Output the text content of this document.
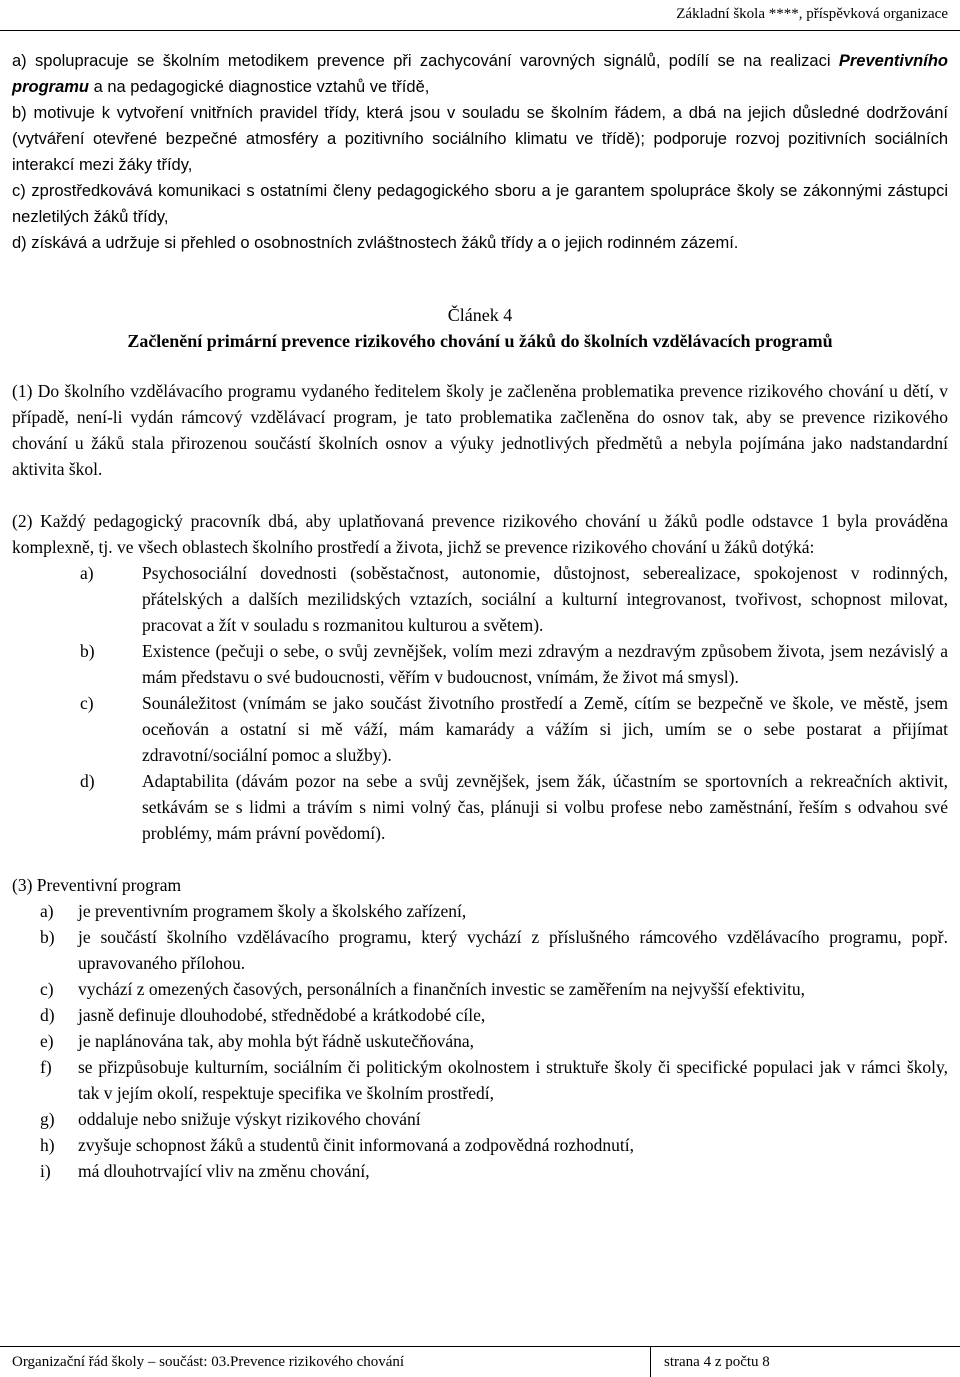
Základní škola ****, příspěvková organizace
a) spolupracuje se školním metodikem prevence při zachycování varovných signálů, podílí se na realizaci Preventivního programu a na pedagogické diagnostice vztahů ve třídě,
b) motivuje k vytvoření vnitřních pravidel třídy, která jsou v souladu se školním řádem, a dbá na jejich důsledné dodržování (vytváření otevřené bezpečné atmosféry a pozitivního sociálního klimatu ve třídě); podporuje rozvoj pozitivních sociálních interakcí mezi žáky třídy,
c) zprostředkovává komunikaci s ostatními členy pedagogického sboru a je garantem spolupráce školy se zákonnými zástupci nezletilých žáků třídy,
d) získává a udržuje si přehled o osobnostních zvláštnostech žáků třídy a o jejich rodinném zázemí.
Článek 4
Začlenění primární prevence rizikového chování u žáků do školních vzdělávacích programů

(1) Do školního vzdělávacího programu vydaného ředitelem školy je začleněna problematika prevence rizikového chování u dětí, v případě, není-li vydán rámcový vzdělávací program, je tato problematika začleněna do osnov tak, aby se prevence rizikového chování u žáků stala přirozenou součástí školních osnov a výuky jednotlivých předmětů a nebyla pojímána jako nadstandardní aktivita škol.

(2) Každý pedagogický pracovník dbá, aby uplatňovaná prevence rizikového chování u žáků podle odstavce 1 byla prováděna komplexně, tj. ve všech oblastech školního prostředí a života, jichž se prevence rizikového chování u žáků dotýká:

a)	Psychosociální dovednosti (soběstačnost, autonomie, důstojnost, seberealizace, spokojenost v rodinných, přátelských a dalších mezilidských vztazích, sociální a kulturní integrovanost, tvořivost, schopnost milovat, pracovat a žít v souladu s rozmanitou kulturou a světem).
b)	Existence (pečuji o sebe, o svůj zevnějšek, volím mezi zdravým a nezdravým způsobem života, jsem nezávislý a mám představu o své budoucnosti, věřím v budoucnost, vnímám, že život má smysl).
c)	Sounáležitost (vnímám se jako součást životního prostředí a Země, cítím se bezpečně ve škole, ve městě, jsem oceňován a ostatní si mě váží, mám kamarády a vážím si jich, umím se o sebe postarat a přijímat zdravotní/sociální pomoc a služby).
d)	Adaptabilita (dávám pozor na sebe a svůj zevnějšek, jsem žák, účastním se sportovních a rekreačních aktivit, setkávám se s lidmi a trávím s nimi volný čas, plánuji si volbu profese nebo zaměstnání, řeším s odvahou své problémy, mám právní povědomí).

(3) Preventivní program

a)	je preventivním programem školy a školského zařízení,
b)	je součástí školního vzdělávacího programu, který vychází z příslušného rámcového vzdělávacího programu, popř. upravovaného přílohou.
c)	vychází z omezených časových, personálních a finančních investic se zaměřením na nejvyšší efektivitu,
d)	jasně definuje dlouhodobé, střednědobé a krátkodobé cíle,
e)	je naplánována tak, aby mohla být řádně uskutečňována,
f)	se přizpůsobuje kulturním, sociálním či politickým okolnostem i struktuře školy či specifické populaci jak v rámci školy, tak v jejím okolí, respektuje specifika ve školním prostředí,
g)	oddaluje nebo snižuje výskyt rizikového chování
h)	zvyšuje schopnost žáků a studentů činit informovaná a zodpovědná rozhodnutí,
i)	má dlouhotrvající vliv na změnu chování,
Organizační řád školy – součást: 03.Prevence rizikového chování	strana 4 z počtu 8
